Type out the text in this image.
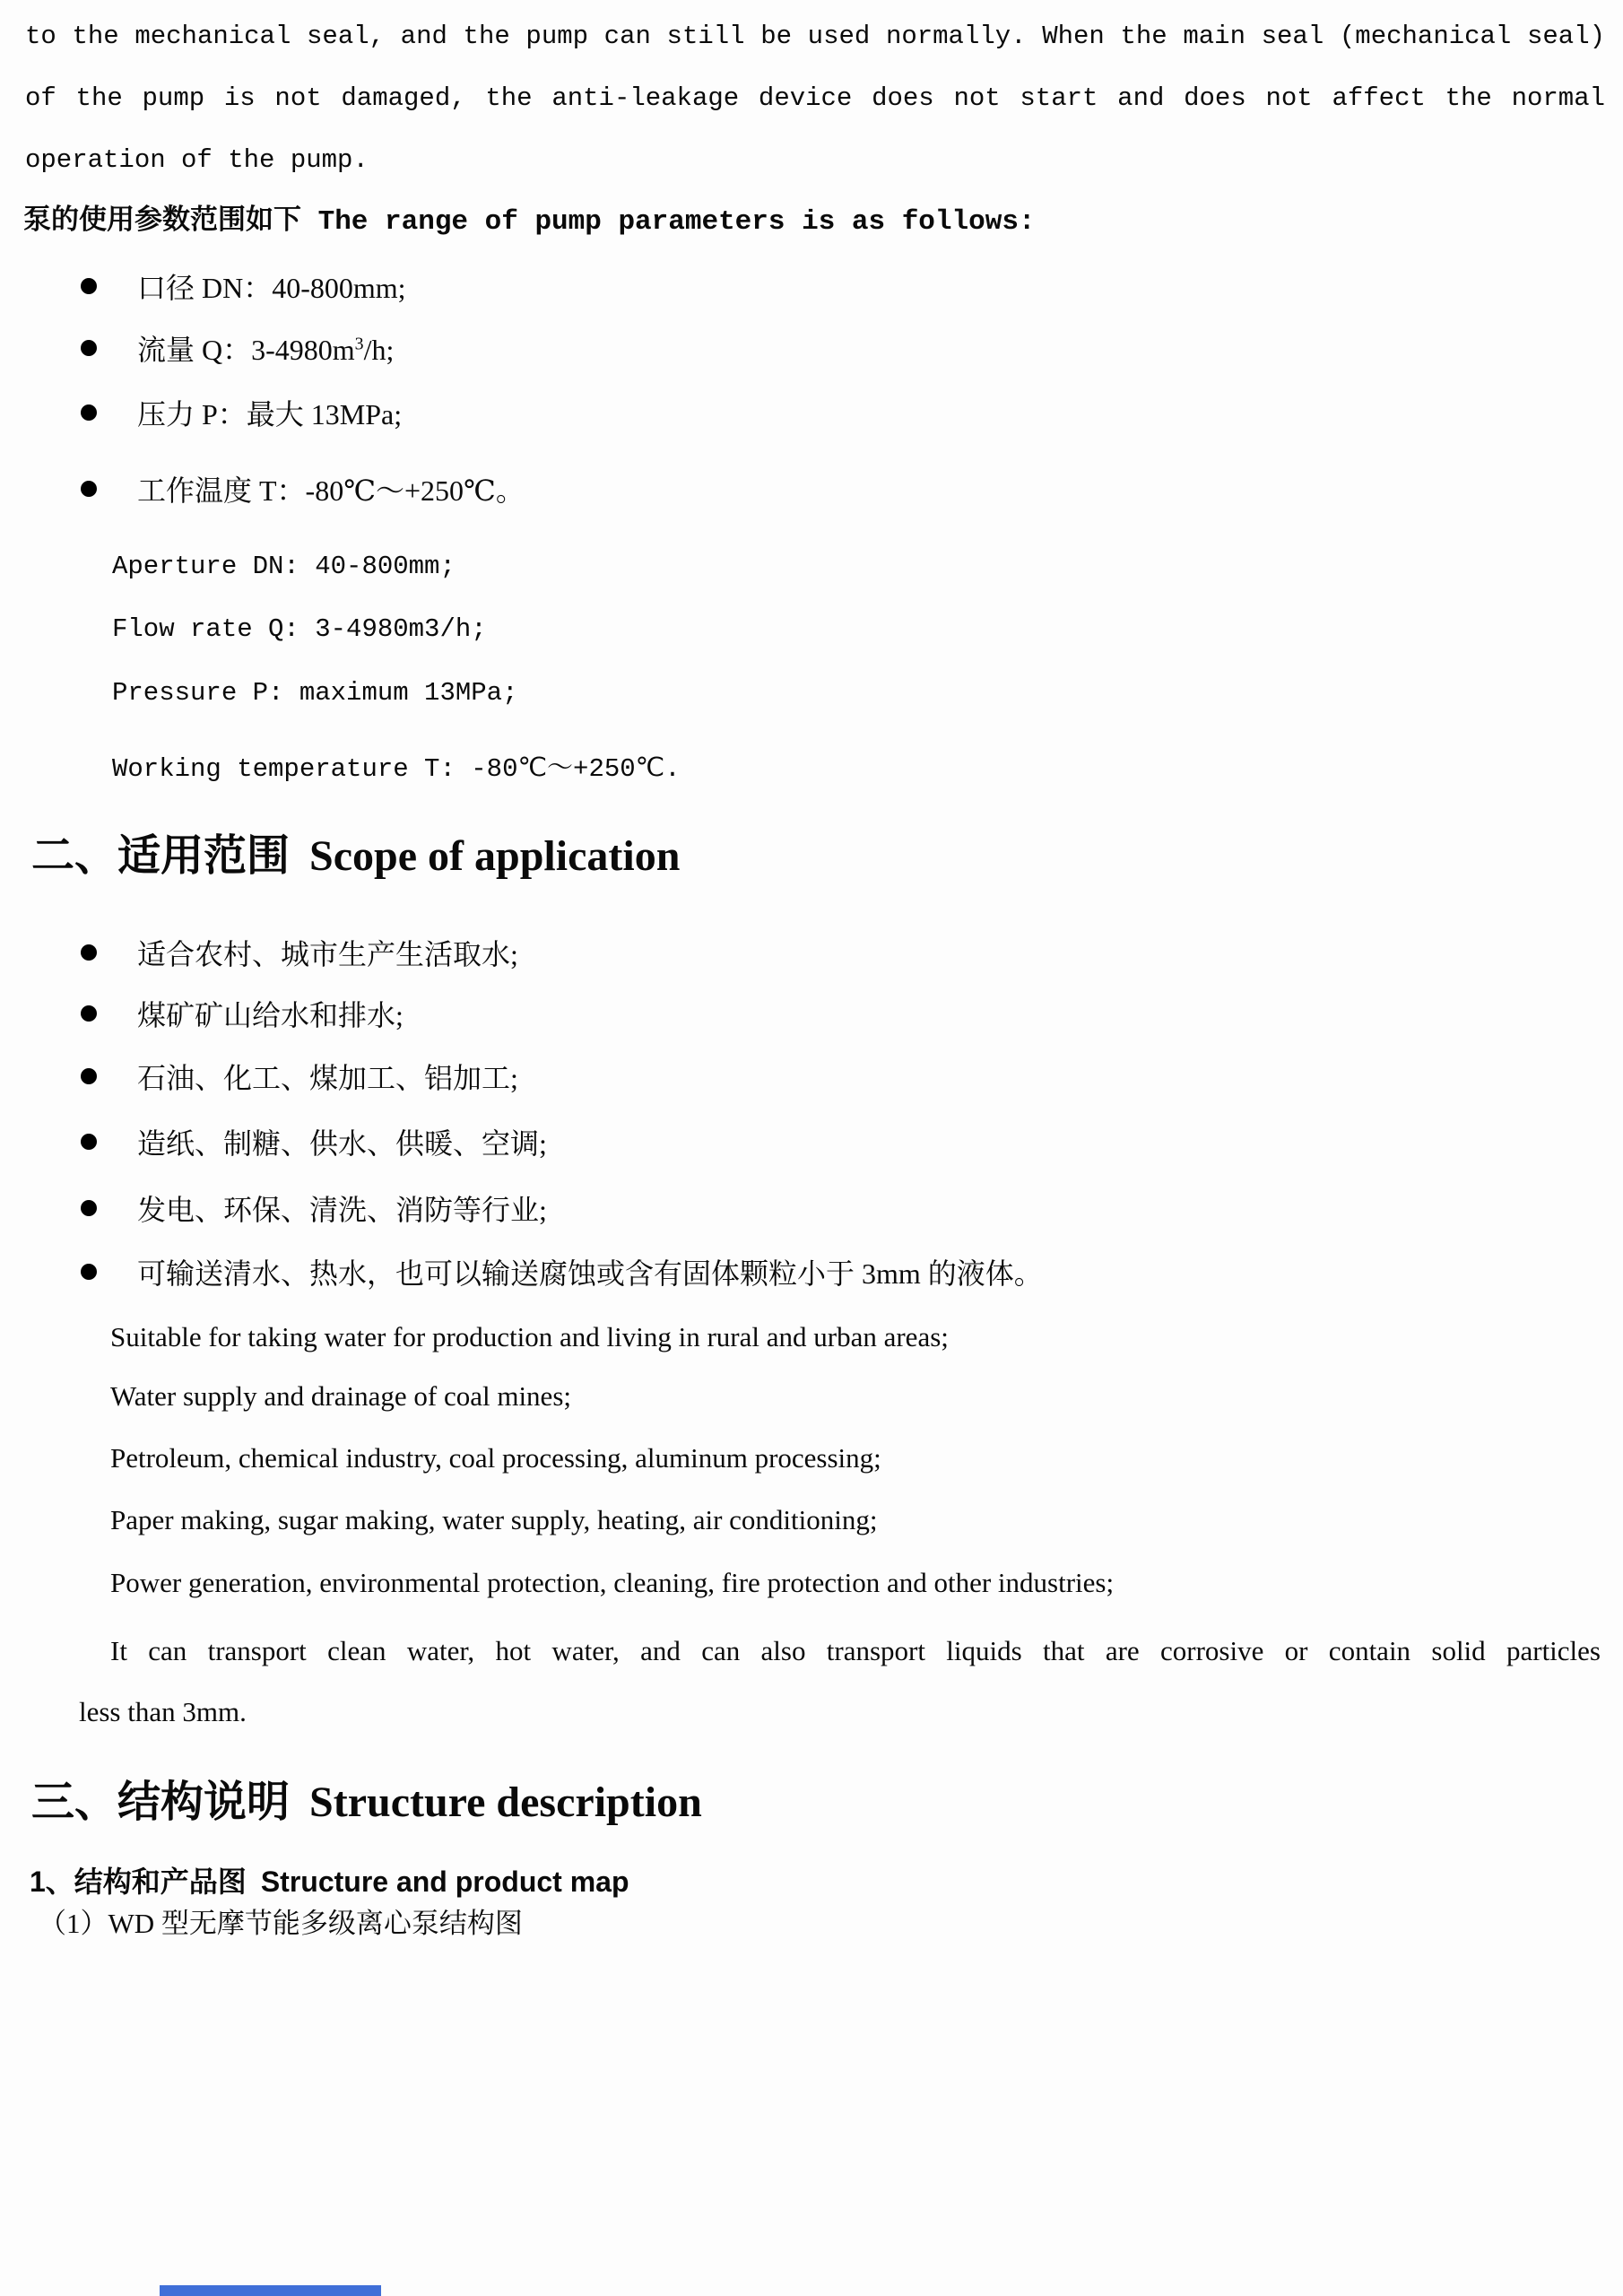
to the mechanical seal, and the pump can still be used normally. When the main seal (mechanical seal)
of the pump is not damaged, the anti-leakage device does not start and does not affect the normal
operation of the pump.
泵的使用参数范围如下 The range of pump parameters is as follows:
口径 DN：40-800mm;
流量 Q：$3-4980m^3/h$;
压力 P：最大 13MPa;
工作温度 T：-80℃～+250℃。
Aperture DN: 40-800mm;
Flow rate Q: 3-4980m3/h;
Pressure P: maximum 13MPa;
Working temperature T: -80℃～+250℃.
二、适用范围 Scope of application
适合农村、城市生产生活取水;
煤矿矿山给水和排水;
石油、化工、煤加工、铝加工;
造纸、制糖、供水、供暖、空调;
发电、环保、清洗、消防等行业;
可输送清水、热水，也可以输送腐蚀或含有固体颗粒小于 3mm 的液体。
Suitable for taking water for production and living in rural and urban areas;
Water supply and drainage of coal mines;
Petroleum, chemical industry, coal processing, aluminum processing;
Paper making, sugar making, water supply, heating, air conditioning;
Power generation, environmental protection, cleaning, fire protection and other industries;
It can transport clean water, hot water, and can also transport liquids that are corrosive or contain solid particles
less than 3mm.
三、结构说明 Structure description
1、结构和产品图 Structure and product map
（1）WD 型无摩节能多级离心泵结构图
